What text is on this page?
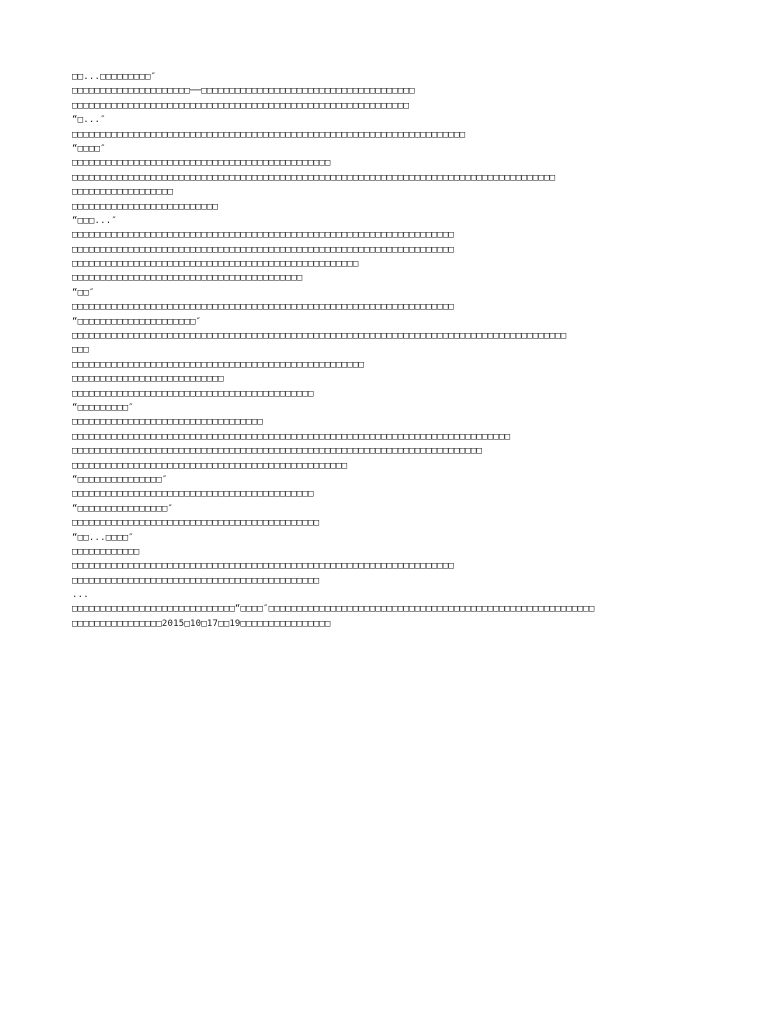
□□...□□□□□□□□□″
□□□□□□□□□□□□□□□□□□□□□──□□□□□□□□□□□□□□□□□□□□□□□□□□□□□□□□□□□□□□
□□□□□□□□□□□□□□□□□□□□□□□□□□□□□□□□□□□□□□□□□□□□□□□□□□□□□□□□□□□□
“□...″
□□□□□□□□□□□□□□□□□□□□□□□□□□□□□□□□□□□□□□□□□□□□□□□□□□□□□□□□□□□□□□□□□□□□□□
“□□□□″
□□□□□□□□□□□□□□□□□□□□□□□□□□□□□□□□□□□□□□□□□□□□□□
□□□□□□□□□□□□□□□□□□□□□□□□□□□□□□□□□□□□□□□□□□□□□□□□□□□□□□□□□□□□□□□□□□□□□□□□□□□□□□□□□□□□□□
□□□□□□□□□□□□□□□□□□
□□□□□□□□□□□□□□□□□□□□□□□□□□
“□□□...″
□□□□□□□□□□□□□□□□□□□□□□□□□□□□□□□□□□□□□□□□□□□□□□□□□□□□□□□□□□□□□□□□□□□□
□□□□□□□□□□□□□□□□□□□□□□□□□□□□□□□□□□□□□□□□□□□□□□□□□□□□□□□□□□□□□□□□□□□□
□□□□□□□□□□□□□□□□□□□□□□□□□□□□□□□□□□□□□□□□□□□□□□□□□□□
□□□□□□□□□□□□□□□□□□□□□□□□□□□□□□□□□□□□□□□□□
“□□″
□□□□□□□□□□□□□□□□□□□□□□□□□□□□□□□□□□□□□□□□□□□□□□□□□□□□□□□□□□□□□□□□□□□□
“□□□□□□□□□□□□□□□□□□□□□″
□□□□□□□□□□□□□□□□□□□□□□□□□□□□□□□□□□□□□□□□□□□□□□□□□□□□□□□□□□□□□□□□□□□□□□□□□□□□□□□□□□□□□□□□
□□□
□□□□□□□□□□□□□□□□□□□□□□□□□□□□□□□□□□□□□□□□□□□□□□□□□□□□
□□□□□□□□□□□□□□□□□□□□□□□□□□□
□□□□□□□□□□□□□□□□□□□□□□□□□□□□□□□□□□□□□□□□□□□
“□□□□□□□□□″
□□□□□□□□□□□□□□□□□□□□□□□□□□□□□□□□□□
□□□□□□□□□□□□□□□□□□□□□□□□□□□□□□□□□□□□□□□□□□□□□□□□□□□□□□□□□□□□□□□□□□□□□□□□□□□□□□
□□□□□□□□□□□□□□□□□□□□□□□□□□□□□□□□□□□□□□□□□□□□□□□□□□□□□□□□□□□□□□□□□□□□□□□□□
□□□□□□□□□□□□□□□□□□□□□□□□□□□□□□□□□□□□□□□□□□□□□□□□□
“□□□□□□□□□□□□□□□″
□□□□□□□□□□□□□□□□□□□□□□□□□□□□□□□□□□□□□□□□□□□
“□□□□□□□□□□□□□□□□″
□□□□□□□□□□□□□□□□□□□□□□□□□□□□□□□□□□□□□□□□□□□□
“□□...□□□□″
□□□□□□□□□□□□
□□□□□□□□□□□□□□□□□□□□□□□□□□□□□□□□□□□□□□□□□□□□□□□□□□□□□□□□□□□□□□□□□□□□
□□□□□□□□□□□□□□□□□□□□□□□□□□□□□□□□□□□□□□□□□□□□
...
□□□□□□□□□□□□□□□□□□□□□□□□□□□□□“□□□□″□□□□□□□□□□□□□□□□□□□□□□□□□□□□□□□□□□□□□□□□□□□□□□□□□□□□□□□□□□
□□□□□□□□□□□□□□□□2015□10□17□□19□□□□□□□□□□□□□□□□
